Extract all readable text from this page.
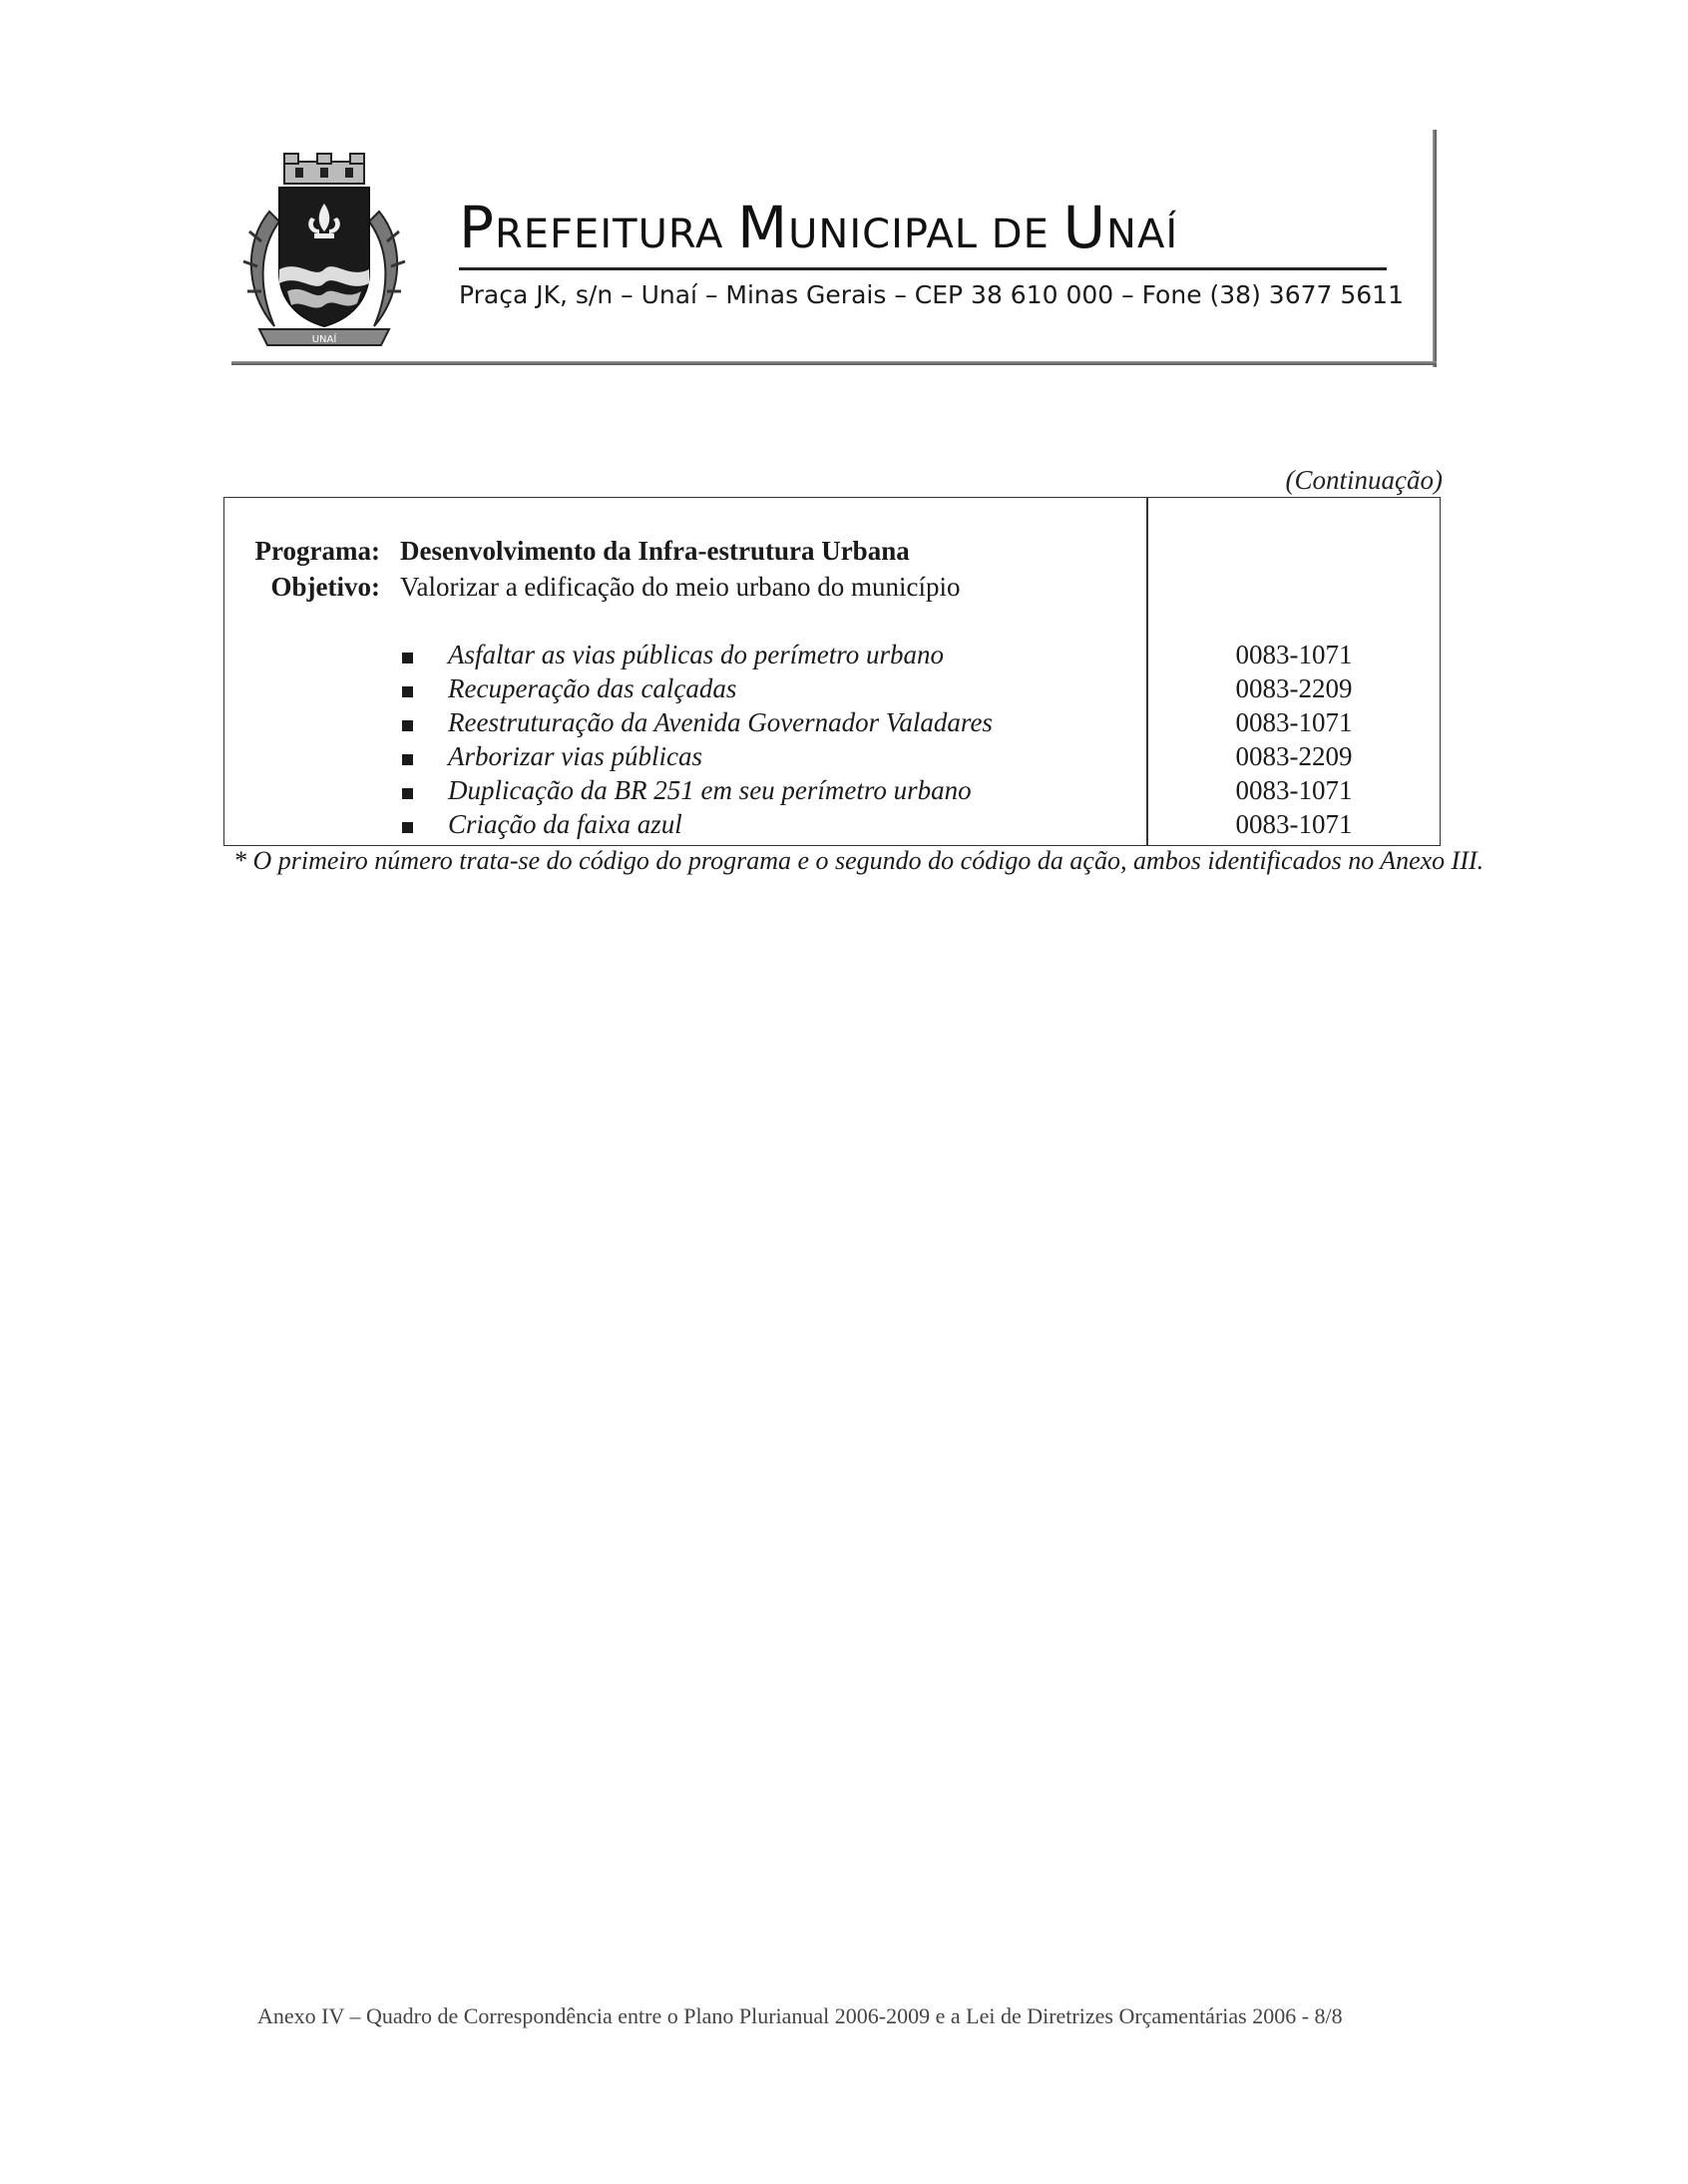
UNAÍ
PREFEITURA MUNICIPAL DE UNAÍ
Praça JK, s/n – Unaí – Minas Gerais – CEP 38 610 000 – Fone (38) 3677 5611
(Continuação)
Programa: Desenvolvimento da Infra-estrutura Urbana
Objetivo: Valorizar a edificação do meio urbano do município
Asfaltar as vias públicas do perímetro urbano	0083-1071
Recuperação das calçadas	0083-2209
Reestruturação da Avenida Governador Valadares	0083-1071
Arborizar vias públicas	0083-2209
Duplicação da BR 251 em seu perímetro urbano	0083-1071
Criação da faixa azul	0083-1071
* O primeiro número trata-se do código do programa e o segundo do código da ação, ambos identificados no Anexo III.
Anexo IV – Quadro de Correspondência entre o Plano Plurianual 2006-2009 e a Lei de Diretrizes Orçamentárias 2006 - 8/8
